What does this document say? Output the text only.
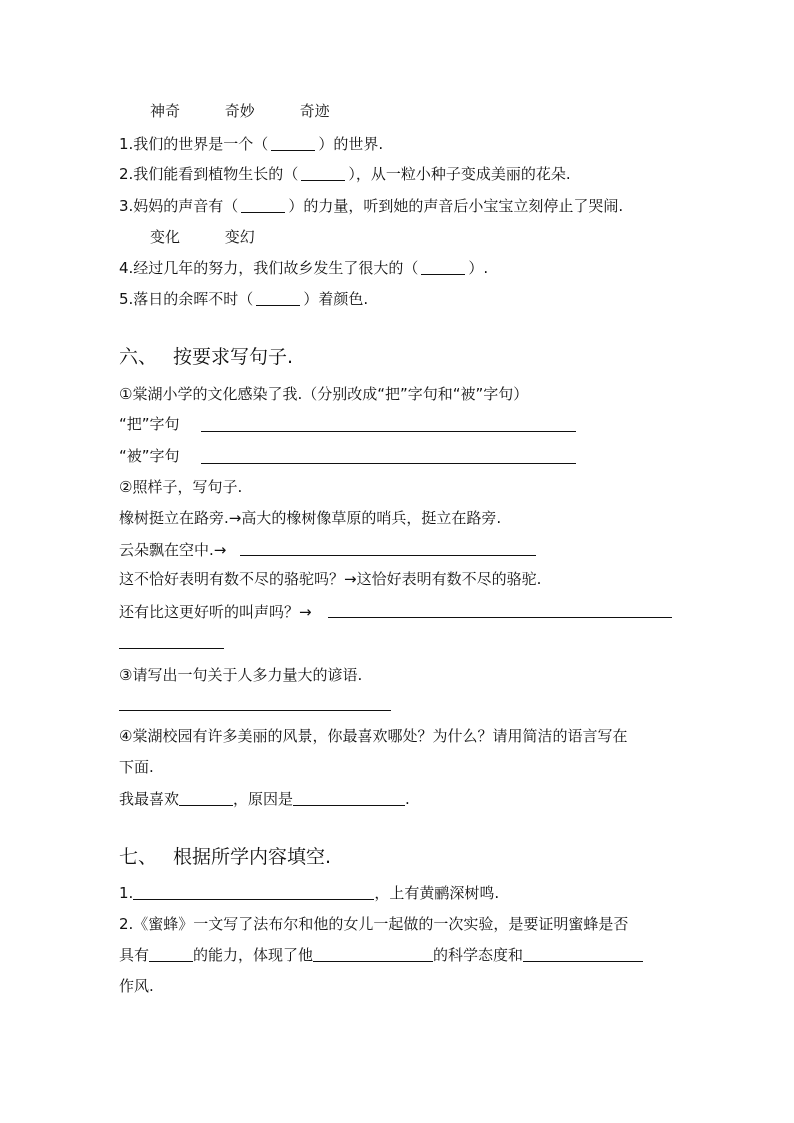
神奇	奇妙	奇迹
1.我们的世界是一个（	）的世界.
2.我们能看到植物生长的（	），从一粒小种子变成美丽的花朵.
3.妈妈的声音有（	）的力量，听到她的声音后小宝宝立刻停止了哭闹.
变化	变幻
4.经过几年的努力，我们故乡发生了很大的（	）.
5.落日的余晖不时（	）着颜色.
六、 按要求写句子.
①棠湖小学的文化感染了我.（分别改成“把”字句和“被”字句）
“把”字句
“被”字句
②照样子，写句子.
橡树挺立在路旁.→高大的橡树像草原的哨兵，挺立在路旁.
云朵飘在空中.→
这不恰好表明有数不尽的骆驼吗？→这恰好表明有数不尽的骆驼.
还有比这更好听的叫声吗？→
③请写出一句关于人多力量大的谚语.
④棠湖校园有许多美丽的风景，你最喜欢哪处？为什么？请用简洁的语言写在
下面.
我最喜欢	，原因是	.
七、 根据所学内容填空.
1.	，上有黄鹂深树鸣.
2.《蜜蜂》一文写了法布尔和他的女儿一起做的一次实验，是要证明蜜蜂是否
具有	的能力，体现了他	的科学态度和
作风.
